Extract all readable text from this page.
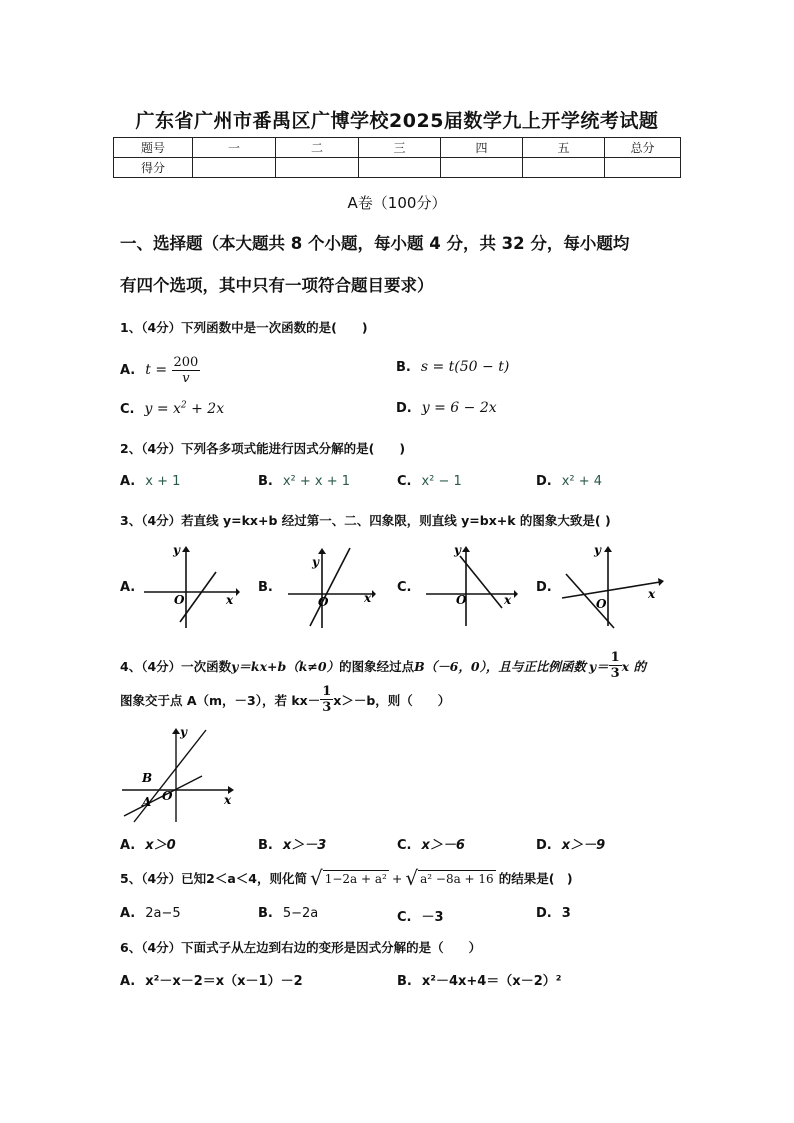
广东省广州市番禺区广博学校2025届数学九上开学统考试题
题号	一	二	三	四	五	总分
得分						
A卷（100分）
一、选择题（本大题共 8 个小题，每小题 4 分，共 32 分，每小题均
有四个选项，其中只有一项符合题目要求）
1、（4分）下列函数中是一次函数的是(　　)
A. $t = \frac{200}{v}$	B. s = t(50 − t)
C. $y = x^2 + 2x$	D. y = 6 − 2x
2、（4分）下列各多项式能进行因式分解的是(　　)
A. x + 1	B. x² + x + 1	C. x² − 1	D. x² + 4
3、（4分）若直线 y=kx+b 经过第一、二、四象限，则直线 y=bx+k 的图象大致是( )
A.
y
O	x
B.
y
O	x
C.
y
O	x
D.
y
O
x
4、（4分）一次函数 y＝kx+b（k≠0） 的图象经过点 B（－6，0），且与正比例函数 $y= \frac{1}{3}$ x 的
图象交于点 A（m，－3），若 $kx- \frac{1}{3} x>-b$，则（　　）
y
x
O
B
A
A. x＞0	B. x＞－3	C. x＞－6	D. x＞－9
5、（4分）已知2＜a＜4，则化简 √ 1−2a + a² + √ a² −8a + 16 的结果是(　)
A. 2a−5	B. 5−2a	C. －3	D. 3
6、（4分）下面式子从左边到右边的变形是因式分解的是（　　）
A. x²－x－2＝x（x－1）－2	B. x²－4x+4＝（x－2）²
